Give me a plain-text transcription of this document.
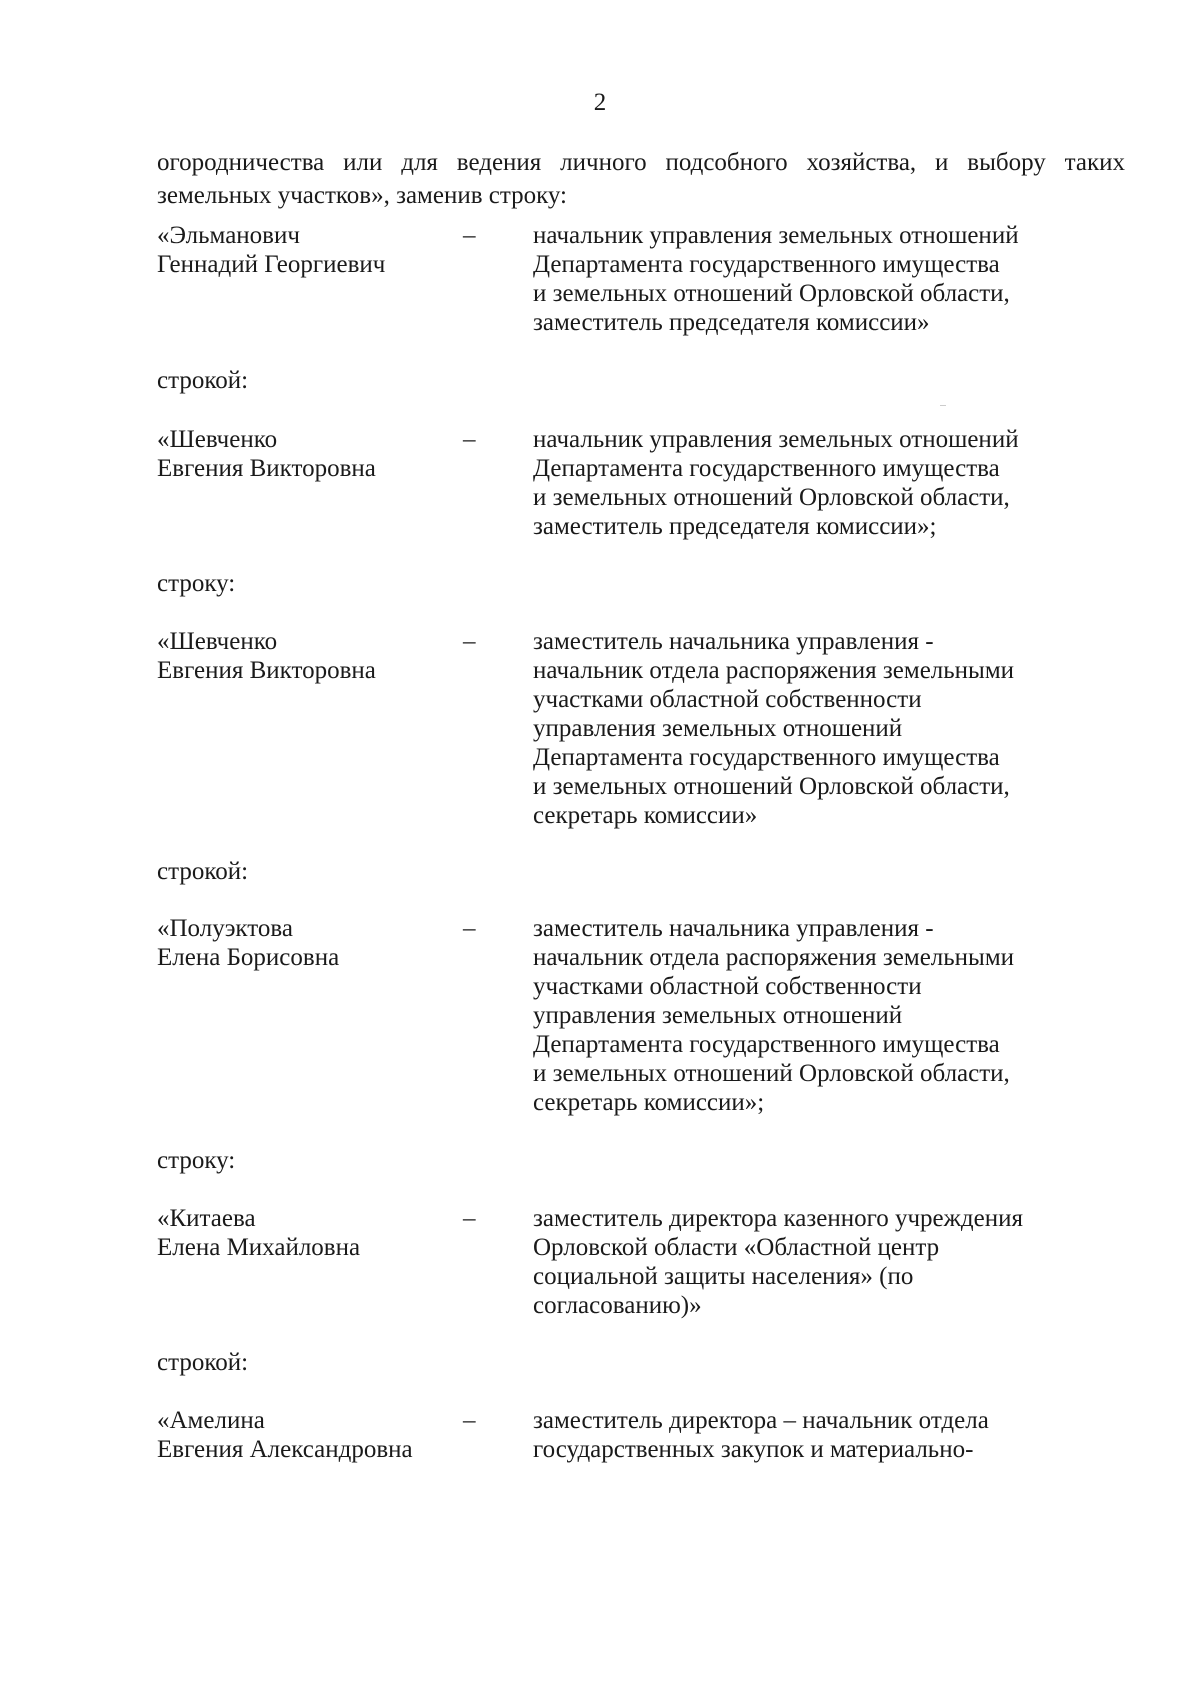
2
огородничества или для ведения личного подсобного хозяйства, и выбору таких
земельных участков», заменив строку:
«Эльманович
Геннадий Георгиевич
– начальник управления земельных отношений
Департамента государственного имущества
и земельных отношений Орловской области,
заместитель председателя комиссии»
строкой:
«Шевченко
Евгения Викторовна
– начальник управления земельных отношений
Департамента государственного имущества
и земельных отношений Орловской области,
заместитель председателя комиссии»;
строку:
«Шевченко
Евгения Викторовна
– заместитель начальника управления -
начальник отдела распоряжения земельными
участками областной собственности
управления земельных отношений
Департамента государственного имущества
и земельных отношений Орловской области,
секретарь комиссии»
строкой:
«Полуэктова
Елена Борисовна
– заместитель начальника управления -
начальник отдела распоряжения земельными
участками областной собственности
управления земельных отношений
Департамента государственного имущества
и земельных отношений Орловской области,
секретарь комиссии»;
строку:
«Китаева
Елена Михайловна
– заместитель директора казенного учреждения
Орловской области «Областной центр
социальной защиты населения» (по
согласованию)»
строкой:
«Амелина
Евгения Александровна
– заместитель директора – начальник отдела
государственных закупок и материально-
